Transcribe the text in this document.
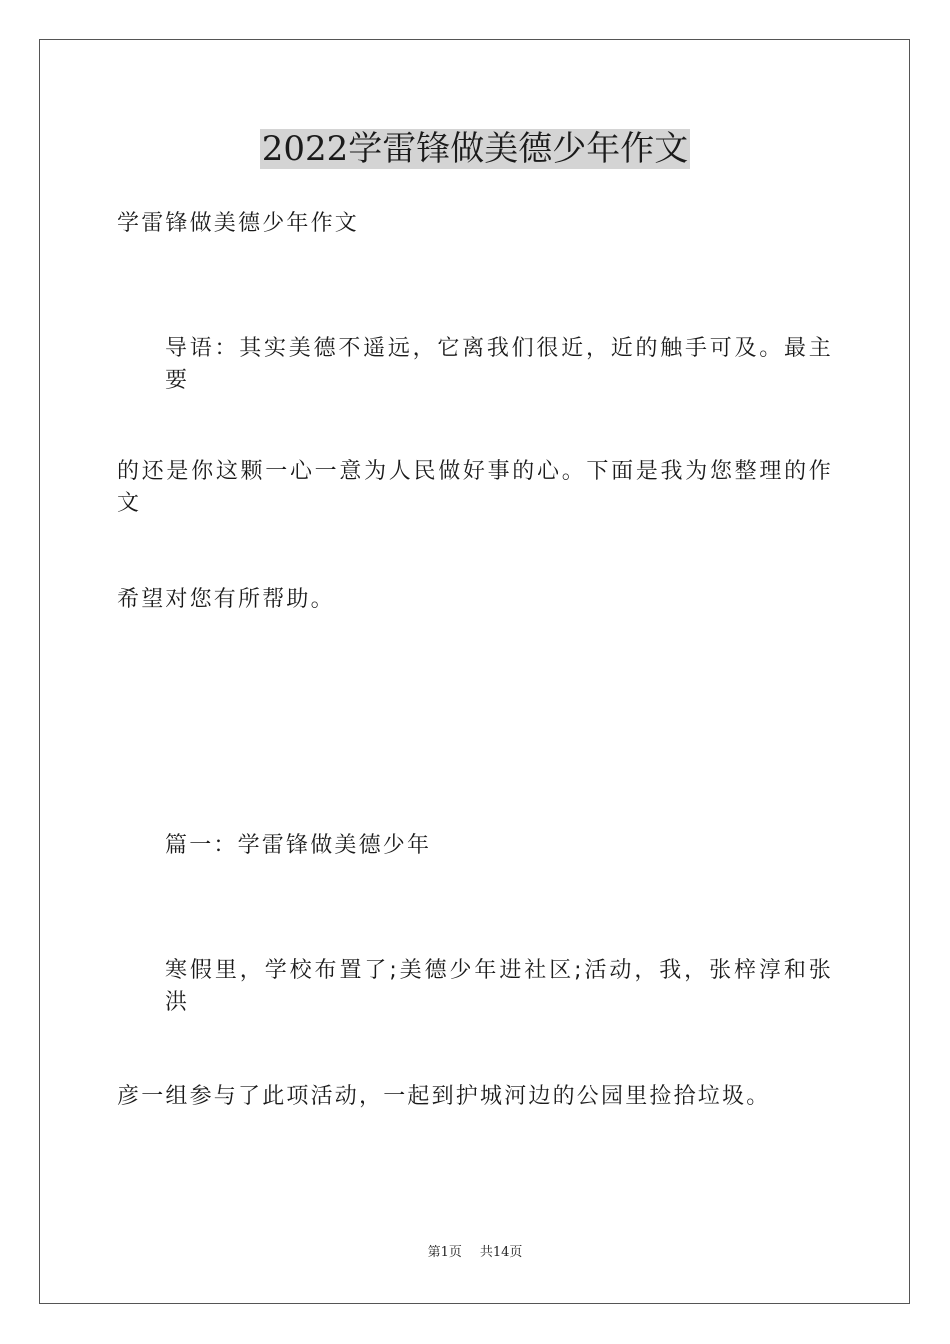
2022学雷锋做美德少年作文

学雷锋做美德少年作文

导语：其实美德不遥远，它离我们很近，近的触手可及。最主要

的还是你这颗一心一意为人民做好事的心。下面是我为您整理的作文

希望对您有所帮助。

篇一：学雷锋做美德少年

寒假里，学校布置了;美德少年进社区;活动，我，张梓淳和张洪

彦一组参与了此项活动，一起到护城河边的公园里捡拾垃圾。

第1页 共14页
